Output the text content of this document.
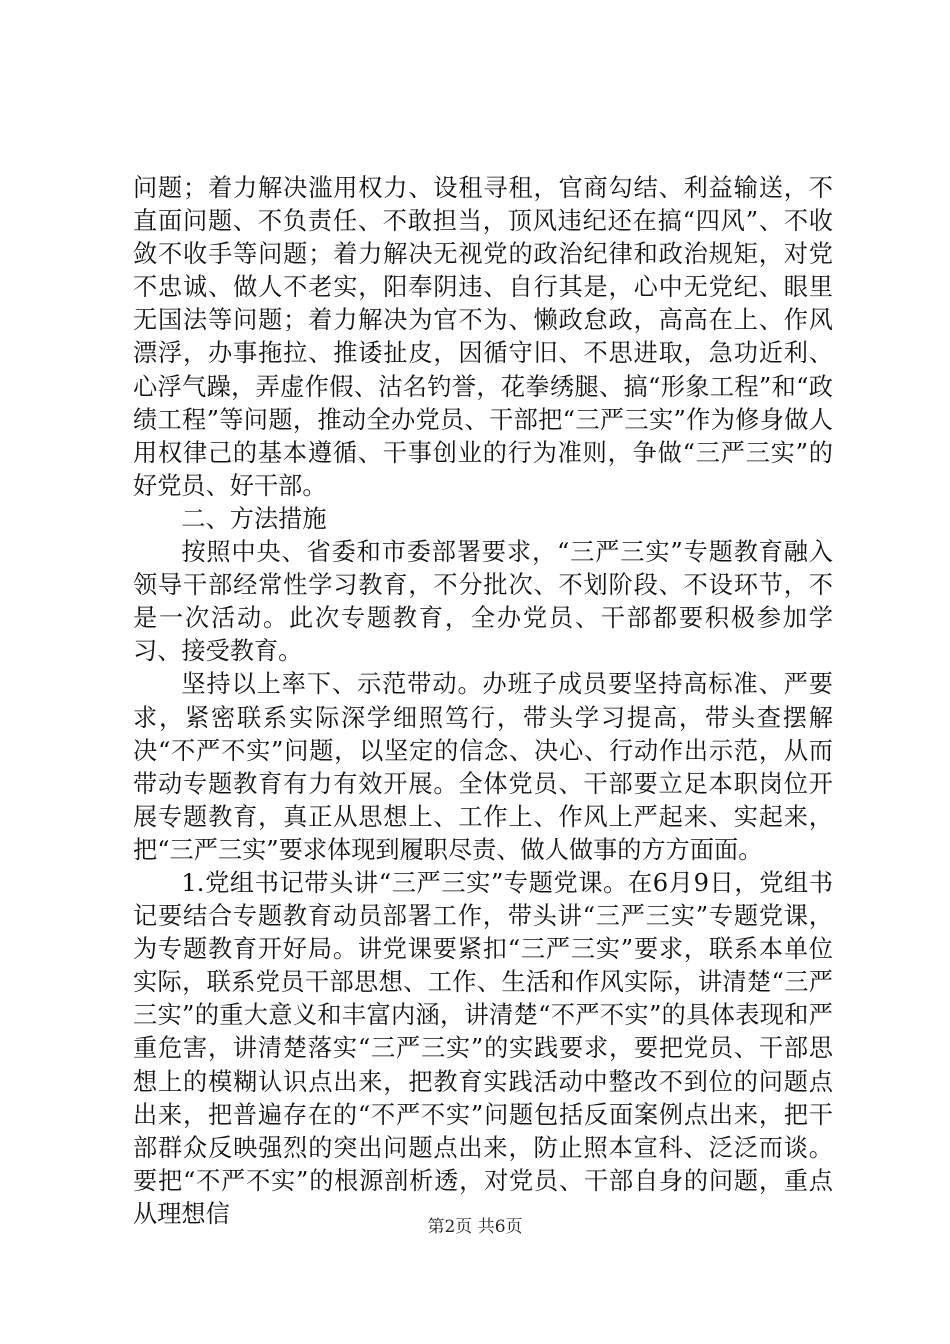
问题；着力解决滥用权力、设租寻租，官商勾结、利益输送，不直面问题、不负责任、不敢担当，顶风违纪还在搞“四风”、不收敛不收手等问题；着力解决无视党的政治纪律和政治规矩，对党不忠诚、做人不老实，阳奉阴违、自行其是，心中无党纪、眼里无国法等问题；着力解决为官不为、懒政怠政，高高在上、作风漂浮，办事拖拉、推诿扯皮，因循守旧、不思进取，急功近利、心浮气躁，弄虚作假、沽名钓誉，花拳绣腿、搞“形象工程”和“政绩工程”等问题，推动全办党员、干部把“三严三实”作为修身做人用权律己的基本遵循、干事创业的行为准则，争做“三严三实”的好党员、好干部。

二、方法措施

按照中央、省委和市委部署要求，“三严三实”专题教育融入领导干部经常性学习教育，不分批次、不划阶段、不设环节，不是一次活动。此次专题教育，全办党员、干部都要积极参加学习、接受教育。

坚持以上率下、示范带动。办班子成员要坚持高标准、严要求，紧密联系实际深学细照笃行，带头学习提高，带头查摆解决“不严不实”问题，以坚定的信念、决心、行动作出示范，从而带动专题教育有力有效开展。全体党员、干部要立足本职岗位开展专题教育，真正从思想上、工作上、作风上严起来、实起来，把“三严三实”要求体现到履职尽责、做人做事的方方面面。

1.党组书记带头讲“三严三实”专题党课。在6月9日，党组书记要结合专题教育动员部署工作，带头讲“三严三实”专题党课，为专题教育开好局。讲党课要紧扣“三严三实”要求，联系本单位实际，联系党员干部思想、工作、生活和作风实际，讲清楚“三严三实”的重大意义和丰富内涵，讲清楚“不严不实”的具体表现和严重危害，讲清楚落实“三严三实”的实践要求，要把党员、干部思想上的模糊认识点出来，把教育实践活动中整改不到位的问题点出来，把普遍存在的“不严不实”问题包括反面案例点出来，把干部群众反映强烈的突出问题点出来，防止照本宣科、泛泛而谈。要把“不严不实”的根源剖析透，对党员、干部自身的问题，重点从理想信	第2页 共6页
